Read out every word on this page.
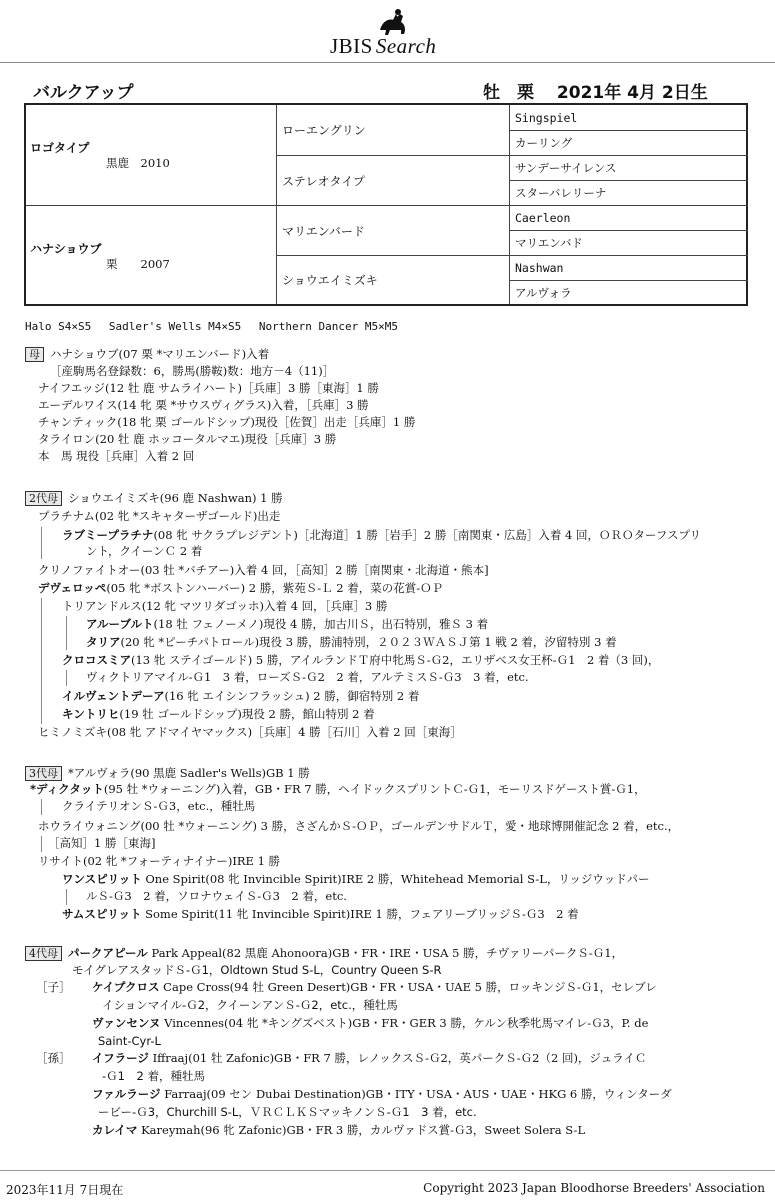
JBIS Search
バルクアップ	牡　栗　 2021年 4月 2日生
ロゴタイプ
黒鹿　2010
ハナショウブ
栗　　2007
ローエングリン
ステレオタイプ
マリエンバード
ショウエイミズキ
Singspiel
カーリング
サンデーサイレンス
スターバレリーナ
Caerleon
マリエンバド
Nashwan
アルヴォラ
Halo S4×S5　 Sadler's Wells M4×S5　 Northern Dancer M5×M5
母 ハナショウブ(07 栗 *マリエンバード)入着
［産駒馬名登録数：6，勝馬(勝鞍)数：地方－4（11)］
ナイフエッジ(12 牡 鹿 サムライハート)［兵庫］3 勝［東海］1 勝
エーデルワイス(14 牝 栗 *サウスヴィグラス)入着，［兵庫］3 勝
チャンティック(18 牝 栗 ゴールドシップ)現役［佐賀］出走［兵庫］1 勝
タライロン(20 牡 鹿 ホッコータルマエ)現役［兵庫］3 勝
本　馬 現役［兵庫］入着 2 回
2代母 ショウエイミズキ(96 鹿 Nashwan) 1 勝
プラチナム(02 牝 *スキャターザゴールド)出走
ラブミープラチナ(08 牝 サクラプレジデント)［北海道］1 勝［岩手］2 勝［南関東・広島］入着 4 回，ＯＲＯターフスプリ
ント，クイーンＣ 2 着
クリノファイトオー(03 牡 *バチアー)入着 4 回，［高知］2 勝［南関東・北海道・熊本]
デヴェロッペ(05 牝 *ボストンハーバー) 2 勝，紫苑Ｓ-Ｌ 2 着，菜の花賞-ＯＰ
トリアンドルス(12 牝 マツリダゴッホ)入着 4 回，［兵庫］3 勝
アルーブルト(18 牡 フェノーメノ)現役 4 勝，加古川Ｓ，出石特別，雅Ｓ 3 着
タリア(20 牝 *ピーチパトロール)現役 3 勝，勝浦特別，２０２３ＷＡＳＪ第 1 戦 2 着，汐留特別 3 着
クロコスミア(13 牝 ステイゴールド) 5 勝，アイルランドＴ府中牝馬Ｓ-Ｇ2，エリザベス女王杯-Ｇ1　2 着（3 回)，
ヴィクトリアマイル-Ｇ1　3 着，ローズＳ-Ｇ2　2 着，アルテミスＳ-Ｇ3　3 着，etc.
イルヴェントデーア(16 牝 エイシンフラッシュ) 2 勝，御宿特別 2 着
キントリヒ(19 牡 ゴールドシップ)現役 2 勝，館山特別 2 着
ヒミノミズキ(08 牝 アドマイヤマックス)［兵庫］4 勝［石川］入着 2 回［東海］
3代母 *アルヴォラ(90 黒鹿 Sadler's Wells)GB 1 勝
*ディクタット(95 牡 *ウォーニング)入着，GB・FR 7 勝，ヘイドックスプリントＣ-Ｇ1，モーリスドゲースト賞-Ｇ1，
クライテリオンＳ-Ｇ3，etc.，種牡馬
ホウライウォニング(00 牡 *ウォーニング) 3 勝，さざんかＳ-ＯＰ，ゴールデンサドルＴ，愛・地球博開催記念 2 着，etc.，
［高知］1 勝［東海]
リサイト(02 牝 *フォーティナイナー)IRE 1 勝
ワンスピリット One Spirit(08 牝 Invincible Spirit)IRE 2 勝，Whitehead Memorial S-L，リッジウッドパー
ルＳ-Ｇ3　2 着，ソロナウェイＳ-Ｇ3　2 着，etc.
サムスピリット Some Spirit(11 牝 Invincible Spirit)IRE 1 勝，フェアリーブリッジＳ-Ｇ3　2 着
4代母 パークアピール Park Appeal(82 黒鹿 Ahonoora)GB・FR・IRE・USA 5 勝，チヴァリーパークＳ-Ｇ1，
モイグレアスタッドＳ-Ｇ1，Oldtown Stud S-L，Country Queen S-R
［子］ ケイプクロス Cape Cross(94 牡 Green Desert)GB・FR・USA・UAE 5 勝，ロッキンジＳ-Ｇ1，セレブレ
イションマイル-Ｇ2，クイーンアンＳ-Ｇ2，etc.，種牡馬
ヴァンセンヌ Vincennes(04 牝 *キングズベスト)GB・FR・GER 3 勝，ケルン秋季牝馬マイレ-Ｇ3，P. de
Saint-Cyr-L
［孫］ イフラージ Iffraaj(01 牡 Zafonic)GB・FR 7 勝，レノックスＳ-Ｇ2，英パークＳ-Ｇ2（2 回)，ジュライＣ
-Ｇ1　2 着，種牡馬
ファルラージ Farraaj(09 セン Dubai Destination)GB・ITY・USA・AUS・UAE・HKG 6 勝，ウィンターダ
ービー-Ｇ3，Churchill S-L，ＶＲＣＬＫＳマッキノンＳ-Ｇ1　3 着，etc.
カレイマ Kareymah(96 牝 Zafonic)GB・FR 3 勝，カルヴァドス賞-Ｇ3，Sweet Solera S-L
2023年11月 7日現在	Copyright 2023 Japan Bloodhorse Breeders' Association
